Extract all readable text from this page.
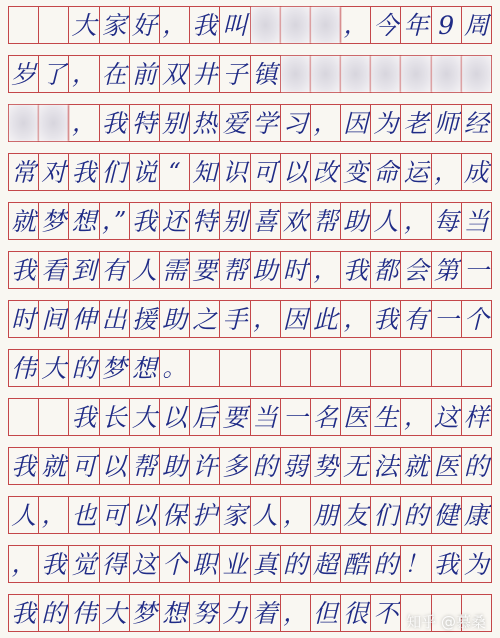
大 家 好 ， 我 叫	， 今 年 9 周
岁 了 ， 在 前 双 井 子 镇
， 我 特 别 热 爱 学 习 ， 因 为 老 师 经
常 对 我 们 说 “ 知 识 可 以 改 变 命 运 ， 成
就 梦 想 ，” 我 还 特 别 喜 欢 帮 助 人 ， 每 当
我 看 到 有 人 需 要 帮 助 时 ， 我 都 会 第 一
时 间 伸 出 援 助 之 手 ， 因 此 ， 我 有 一 个
伟 大 的 梦 想 。
我 长 大 以 后 要 当 一 名 医 生 ， 这 样
我 就 可 以 帮 助 许 多 的 弱 势 无 法 就 医 的
人 ， 也 可 以 保 护 家 人 ， 朋 友 们 的 健 康
， 我 觉 得 这 个 职 业 真 的 超 酷 的 ！ 我 为
我 的 伟 大 梦 想 努 力 着 ， 但 很 不 知乎 @慕桑
